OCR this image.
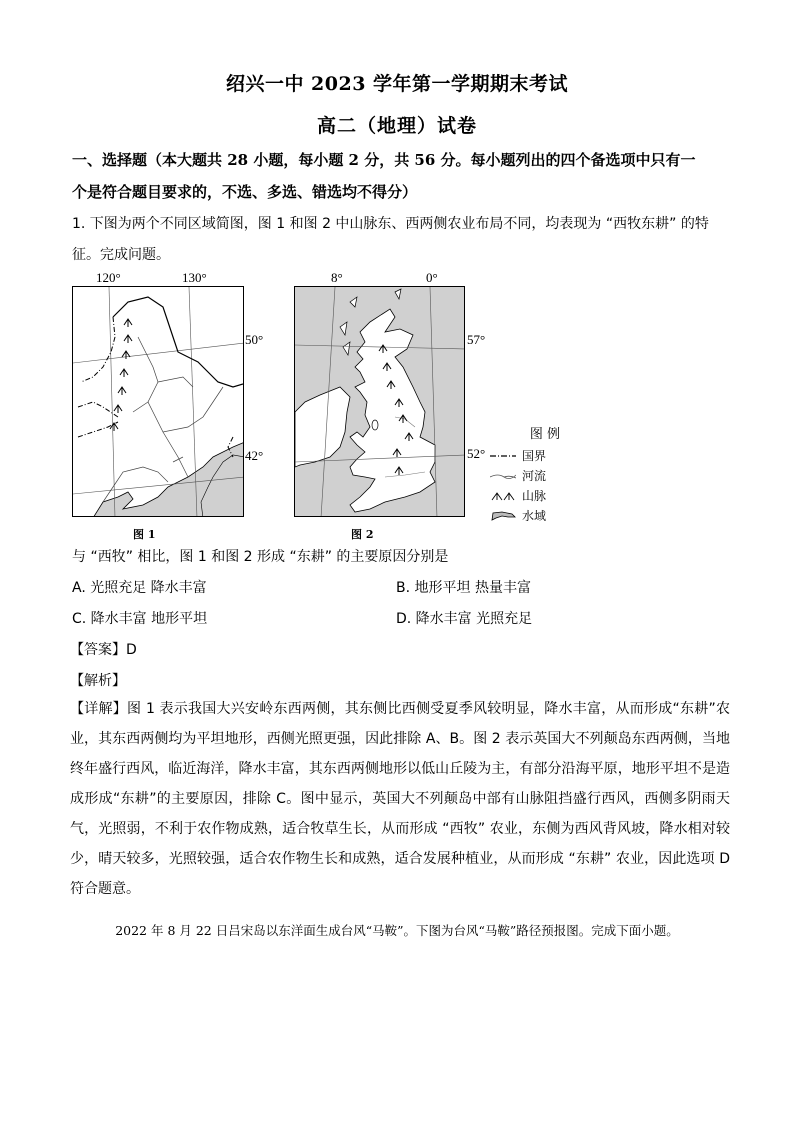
绍兴一中 2023 学年第一学期期末考试
高二（地理）试卷
一、选择题（本大题共 28 小题，每小题 2 分，共 56 分。每小题列出的四个备选项中只有一
个是符合题目要求的，不选、多选、错选均不得分）
1. 下图为两个不同区域简图，图 1 和图 2 中山脉东、西两侧农业布局不同，均表现为 “西牧东耕” 的特
征。完成问题。
120°	130°
50°
42°
图 1
8°	0°
57°
52°
图 2
图 例
国界
河流
山脉
水域
与 “西牧” 相比，图 1 和图 2 形成 “东耕” 的主要原因分别是
A. 光照充足 降水丰富	B. 地形平坦 热量丰富
C. 降水丰富 地形平坦	D. 降水丰富 光照充足
【答案】D
【解析】
【详解】图 1 表示我国大兴安岭东西两侧，其东侧比西侧受夏季风较明显，降水丰富，从而形成“东耕”农业，其东西两侧均为平坦地形，西侧光照更强，因此排除 A、B。图 2 表示英国大不列颠岛东西两侧，当地终年盛行西风，临近海洋，降水丰富，其东西两侧地形以低山丘陵为主，有部分沿海平原，地形平坦不是造成形成“东耕”的主要原因，排除 C。图中显示，英国大不列颠岛中部有山脉阻挡盛行西风，西侧多阴雨天气，光照弱，不利于农作物成熟，适合牧草生长，从而形成 “西牧” 农业，东侧为西风背风坡，降水相对较少，晴天较多，光照较强，适合农作物生长和成熟，适合发展种植业，从而形成 “东耕” 农业，因此选项 D 符合题意。
2022 年 8 月 22 日吕宋岛以东洋面生成台风“马鞍”。下图为台风“马鞍”路径预报图。完成下面小题。
